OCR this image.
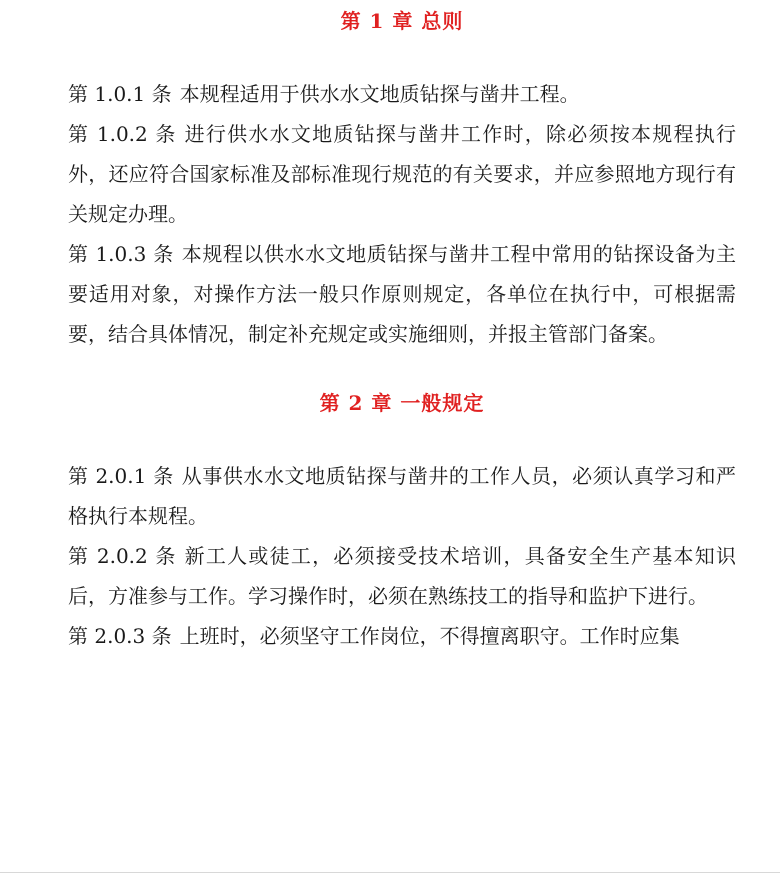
第 1 章 总则

第 1.0.1 条 本规程适用于供水水文地质钻探与凿井工程。

第 1.0.2 条 进行供水水文地质钻探与凿井工作时，除必须按本规程执行外，还应符合国家标准及部标准现行规范的有关要求，并应参照地方现行有关规定办理。

第 1.0.3 条 本规程以供水水文地质钻探与凿井工程中常用的钻探设备为主要适用对象，对操作方法一般只作原则规定，各单位在执行中，可根据需要，结合具体情况，制定补充规定或实施细则，并报主管部门备案。

第 2 章 一般规定

第 2.0.1 条 从事供水水文地质钻探与凿井的工作人员，必须认真学习和严格执行本规程。

第 2.0.2 条 新工人或徒工，必须接受技术培训，具备安全生产基本知识后，方准参与工作。学习操作时，必须在熟练技工的指导和监护下进行。

第 2.0.3 条 上班时，必须坚守工作岗位，不得擅离职守。工作时应集
